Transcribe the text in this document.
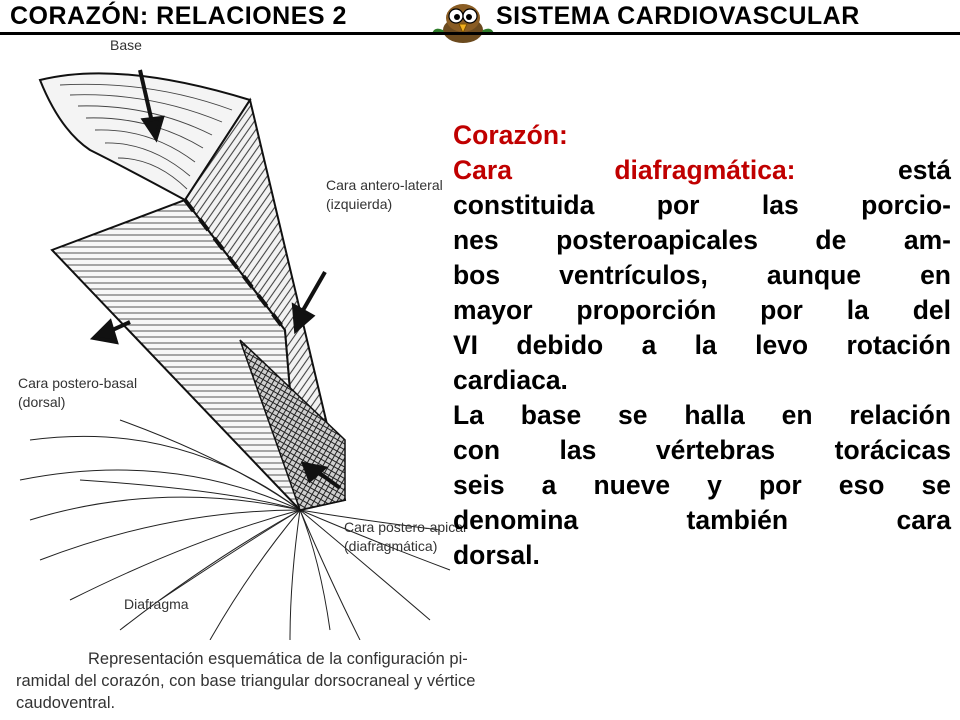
CORAZÓN: RELACIONES 2	SISTEMA CARDIOVASCULAR
Base
Cara antero-lateral
(izquierda)
Cara postero-basal
(dorsal)
Cara postero-apical
(diafragmática)
Diafragma
Representación esquemática de la configuración pi-
ramidal del corazón, con base triangular dorsocraneal y vértice
caudoventral.
Corazón:
Cara diafragmática: está
constituida por las porcio-
nes posteroapicales de am-
bos ventrículos, aunque en
mayor proporción por la del
VI debido a la levo rotación
cardiaca.
La base se halla en relación
con las vértebras torácicas
seis a nueve y por eso se
denomina también cara
dorsal.
